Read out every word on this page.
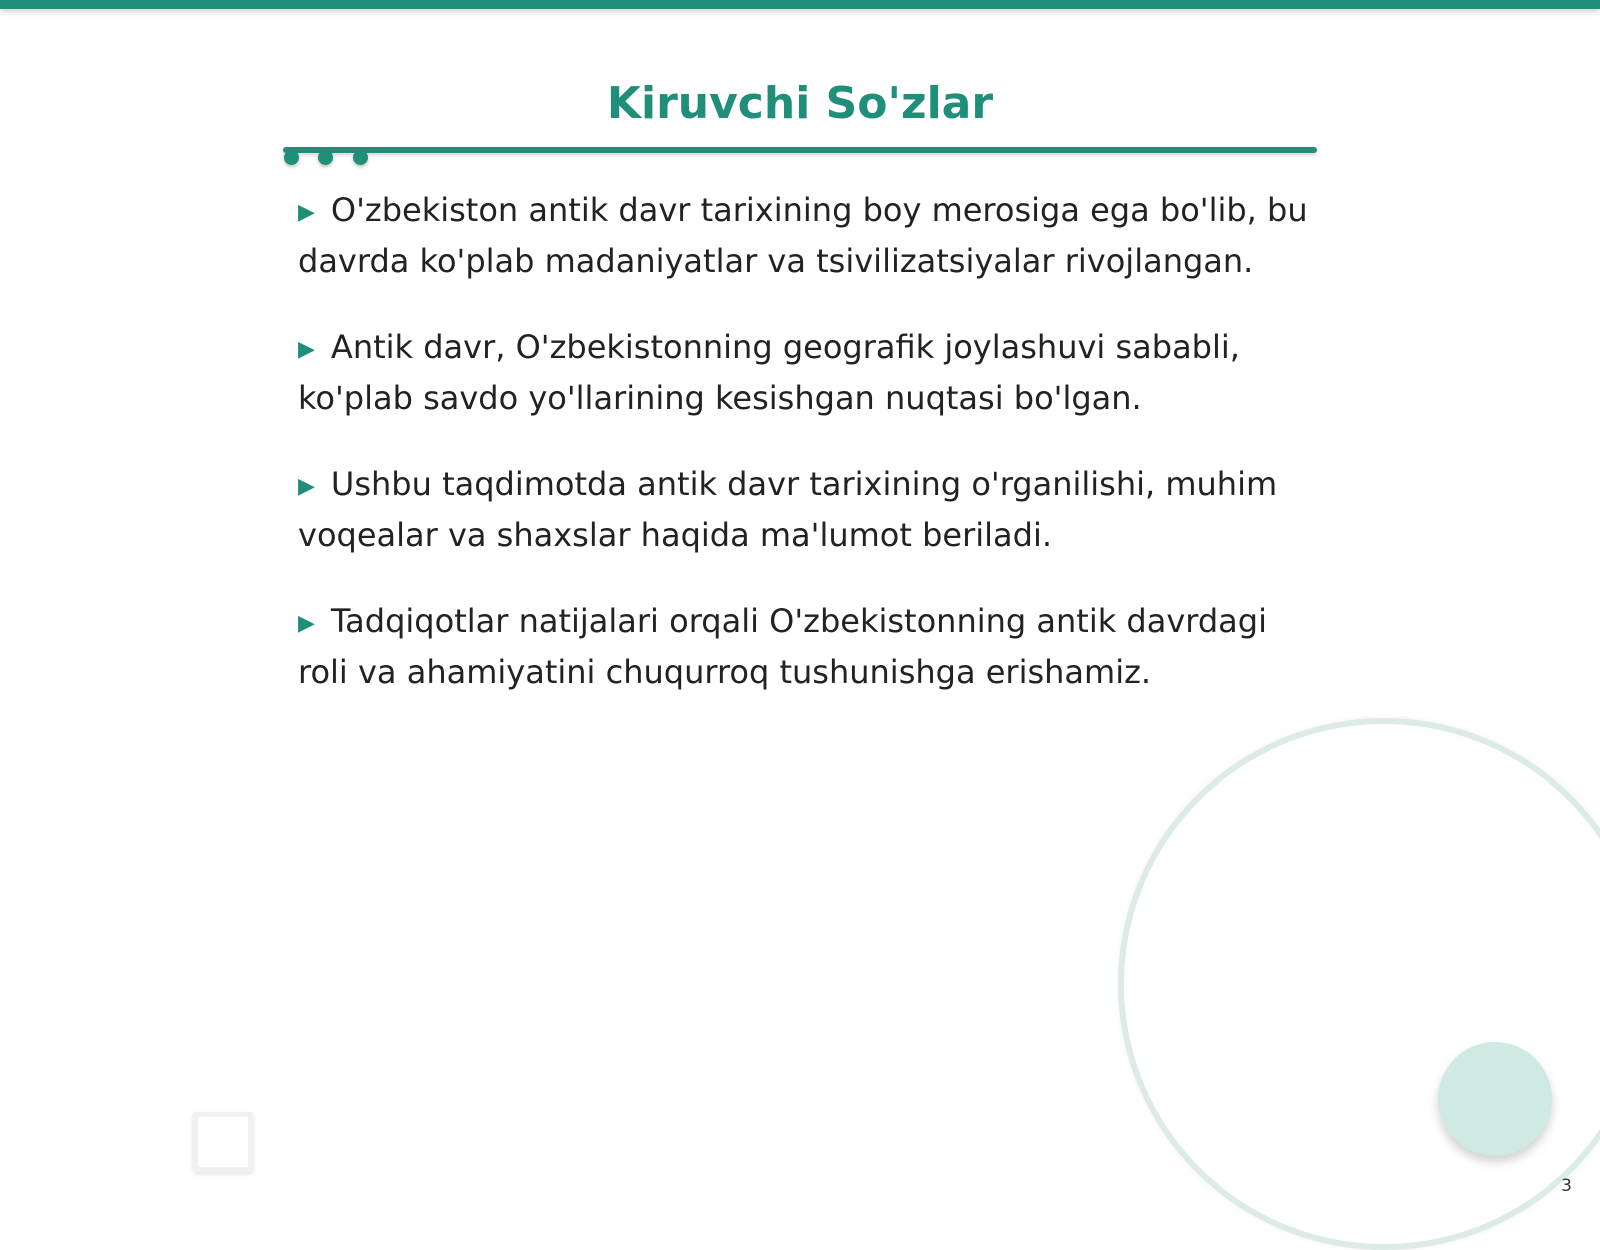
Kiruvchi So'zlar
▶ O'zbekiston antik davr tarixining boy merosiga ega bo'lib, bu davrda ko'plab madaniyatlar va tsivilizatsiyalar rivojlangan.
▶ Antik davr, O'zbekistonning geografik joylashuvi sababli, ko'plab savdo yo'llarining kesishgan nuqtasi bo'lgan.
▶ Ushbu taqdimotda antik davr tarixining o'rganilishi, muhim voqealar va shaxslar haqida ma'lumot beriladi.
▶ Tadqiqotlar natijalari orqali O'zbekistonning antik davrdagi roli va ahamiyatini chuqurroq tushunishga erishamiz.
3
